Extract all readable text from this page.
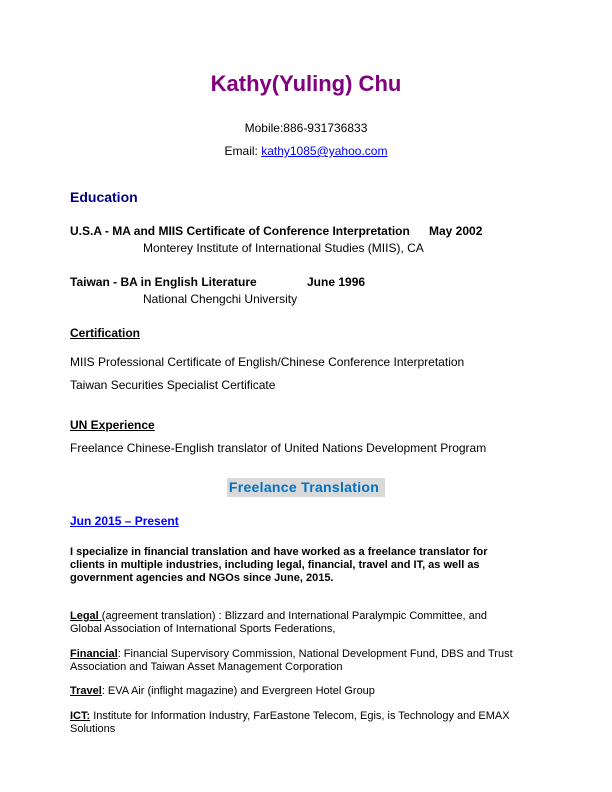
Kathy(Yuling) Chu
Mobile:886-931736833
Email: kathy1085@yahoo.com
Education
U.S.A - MA and MIIS Certificate of Conference Interpretation May 2002
Monterey Institute of International Studies (MIIS), CA
Taiwan - BA in English Literature	June 1996
National Chengchi University
Certification
MIIS Professional Certificate of English/Chinese Conference Interpretation
Taiwan Securities Specialist Certificate
UN Experience
Freelance Chinese-English translator of United Nations Development Program
Freelance Translation
Jun 2015 – Present
I specialize in financial translation and have worked as a freelance translator for
clients in multiple industries, including legal, financial, travel and IT, as well as
government agencies and NGOs since June, 2015.
Legal (agreement translation) : Blizzard and International Paralympic Committee, and
Global Association of International Sports Federations,
Financial: Financial Supervisory Commission, National Development Fund, DBS and Trust
Association and Taiwan Asset Management Corporation
Travel: EVA Air (inflight magazine) and Evergreen Hotel Group
ICT: Institute for Information Industry, FarEastone Telecom, Egis, is Technology and EMAX
Solutions
